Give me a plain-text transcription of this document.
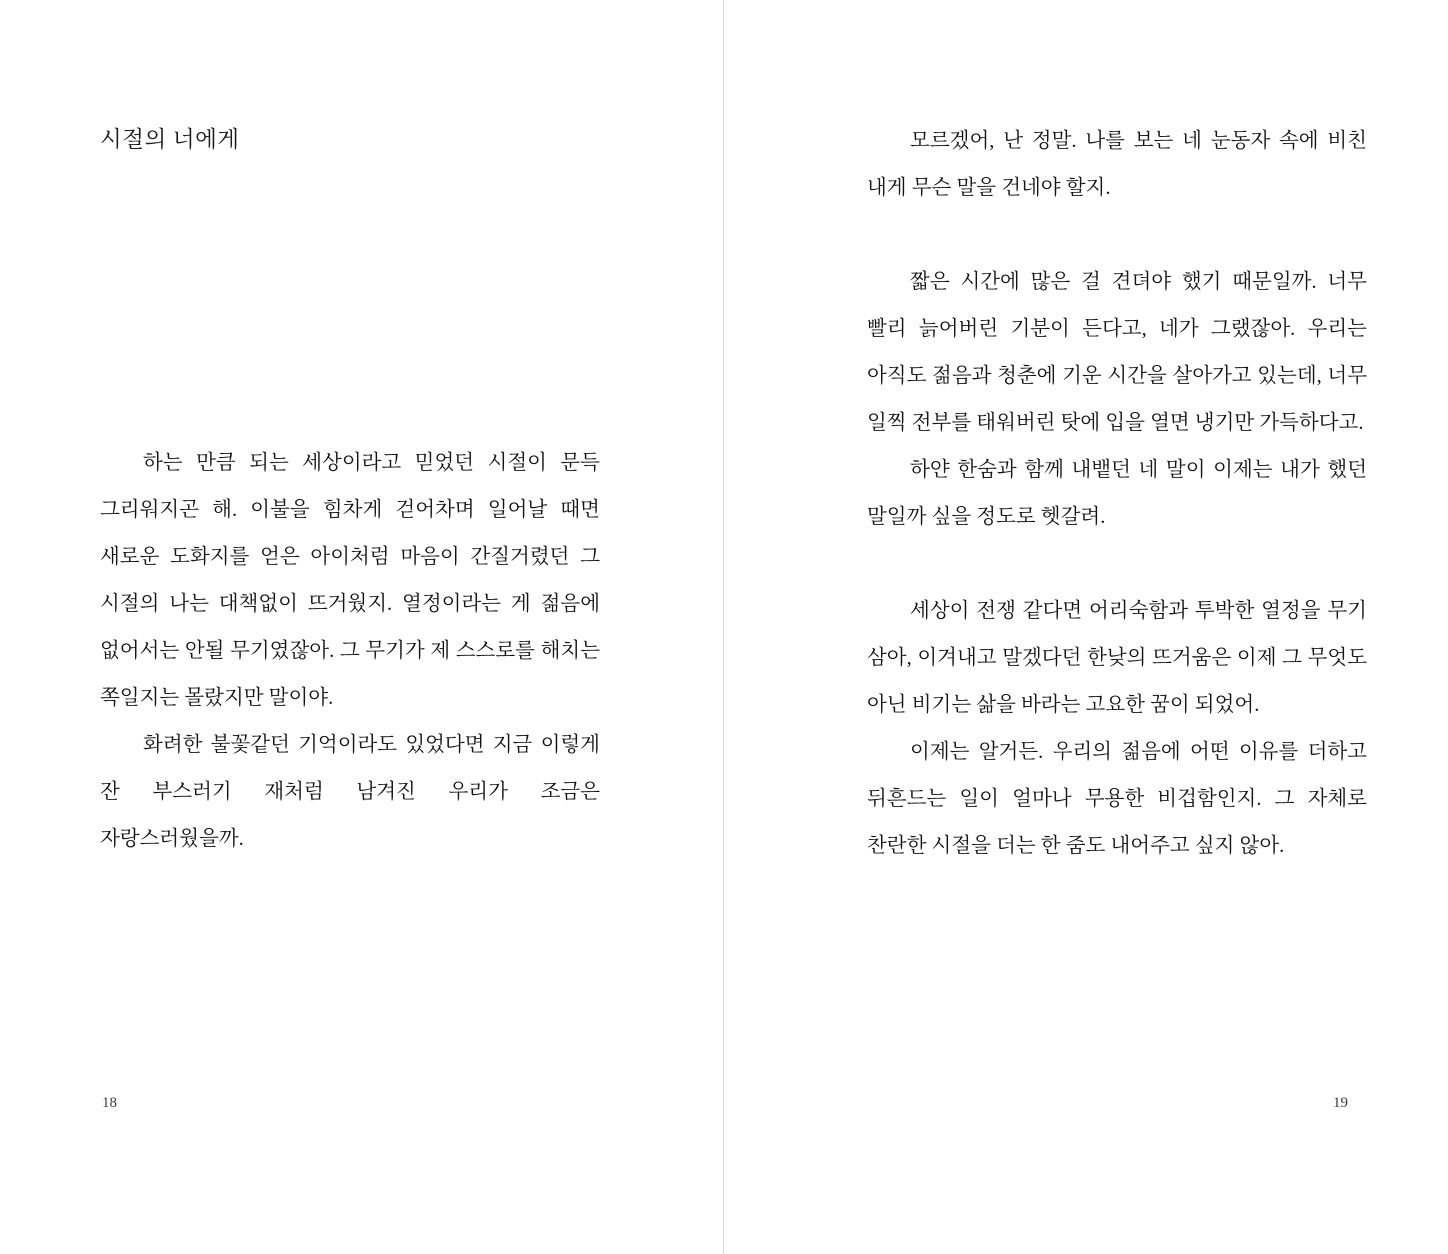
시절의 너에게

하는 만큼 되는 세상이라고 믿었던 시절이 문득 그리워지곤 해. 이불을 힘차게 걷어차며 일어날 때면 새로운 도화지를 얻은 아이처럼 마음이 간질거렸던 그 시절의 나는 대책없이 뜨거웠지. 열정이라는 게 젊음에 없어서는 안될 무기였잖아. 그 무기가 제 스스로를 해치는 쪽일지는 몰랐지만 말이야.

화려한 불꽃같던 기억이라도 있었다면 지금 이렇게 잔 부스러기 재처럼 남겨진 우리가 조금은 자랑스러웠을까.

18

모르겠어, 난 정말. 나를 보는 네 눈동자 속에 비친 내게 무슨 말을 건네야 할지.

짧은 시간에 많은 걸 견뎌야 했기 때문일까. 너무 빨리 늙어버린 기분이 든다고, 네가 그랬잖아. 우리는 아직도 젊음과 청춘에 기운 시간을 살아가고 있는데, 너무 일찍 전부를 태워버린 탓에 입을 열면 냉기만 가득하다고.

하얀 한숨과 함께 내뱉던 네 말이 이제는 내가 했던 말일까 싶을 정도로 헷갈려.

세상이 전쟁 같다면 어리숙함과 투박한 열정을 무기 삼아, 이겨내고 말겠다던 한낮의 뜨거움은 이제 그 무엇도 아닌 비기는 삶을 바라는 고요한 꿈이 되었어.

이제는 알거든. 우리의 젊음에 어떤 이유를 더하고 뒤흔드는 일이 얼마나 무용한 비겁함인지. 그 자체로 찬란한 시절을 더는 한 줌도 내어주고 싶지 않아.

19
